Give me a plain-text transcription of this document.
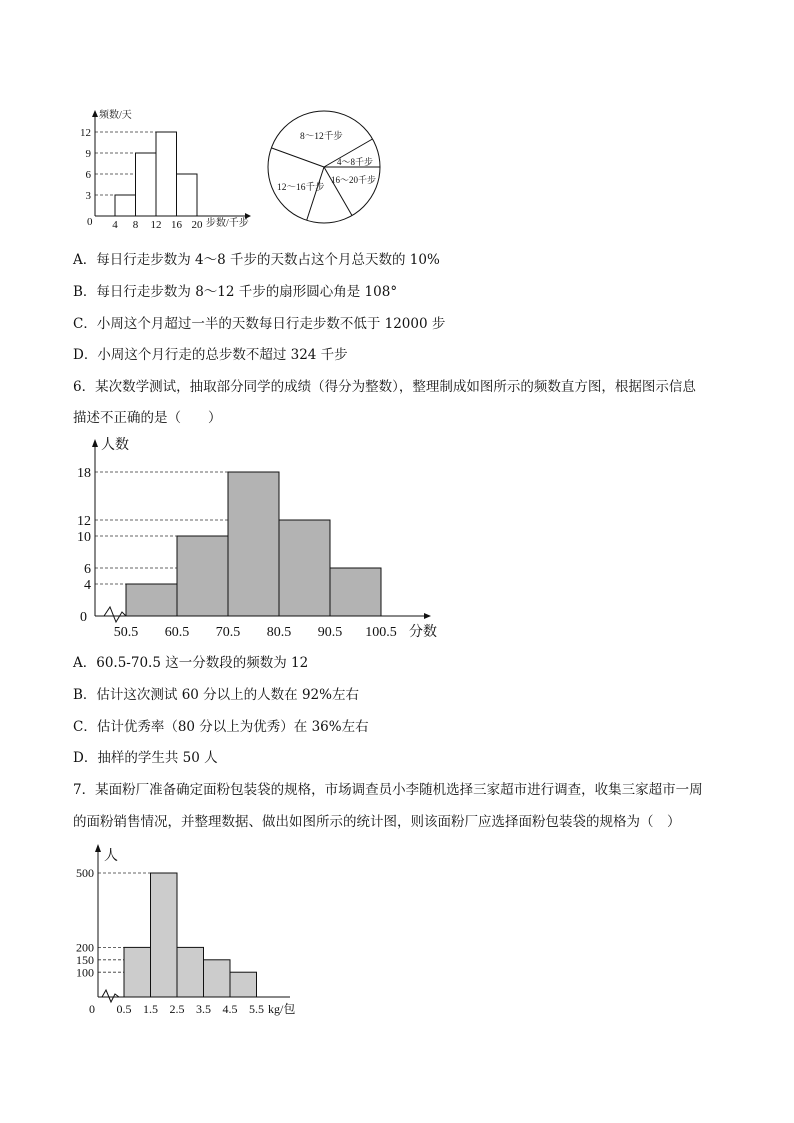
频数/天
步数/千步
0 4 8 12 16 20
3
6
9
12	8～12千步
4～8千步
16～20千步
12～16千步
A．每日行走步数为 4～8 千步的天数占这个月总天数的 10%
B．每日行走步数为 8～12 千步的扇形圆心角是 108°
C．小周这个月超过一半的天数每日行走步数不低于 12000 步
D．小周这个月行走的总步数不超过 324 千步
6．某次数学测试，抽取部分同学的成绩（得分为整数），整理制成如图所示的频数直方图，根据图示信息
描述不正确的是（　　）
人数
分数
0
50.5 60.5 70.5 80.5 90.5 100.5
18
12
10
6
4
A．60.5-70.5 这一分数段的频数为 12
B．估计这次测试 60 分以上的人数在 92%左右
C．估计优秀率（80 分以上为优秀）在 36%左右
D．抽样的学生共 50 人
7．某面粉厂准备确定面粉包装袋的规格，市场调查员小李随机选择三家超市进行调查，收集三家超市一周
的面粉销售情况，并整理数据、做出如图所示的统计图，则该面粉厂应选择面粉包装袋的规格为（　）
人
kg/包
0 0.5 1.5 2.5 3.5 4.5 5.5
500
200
150
100
